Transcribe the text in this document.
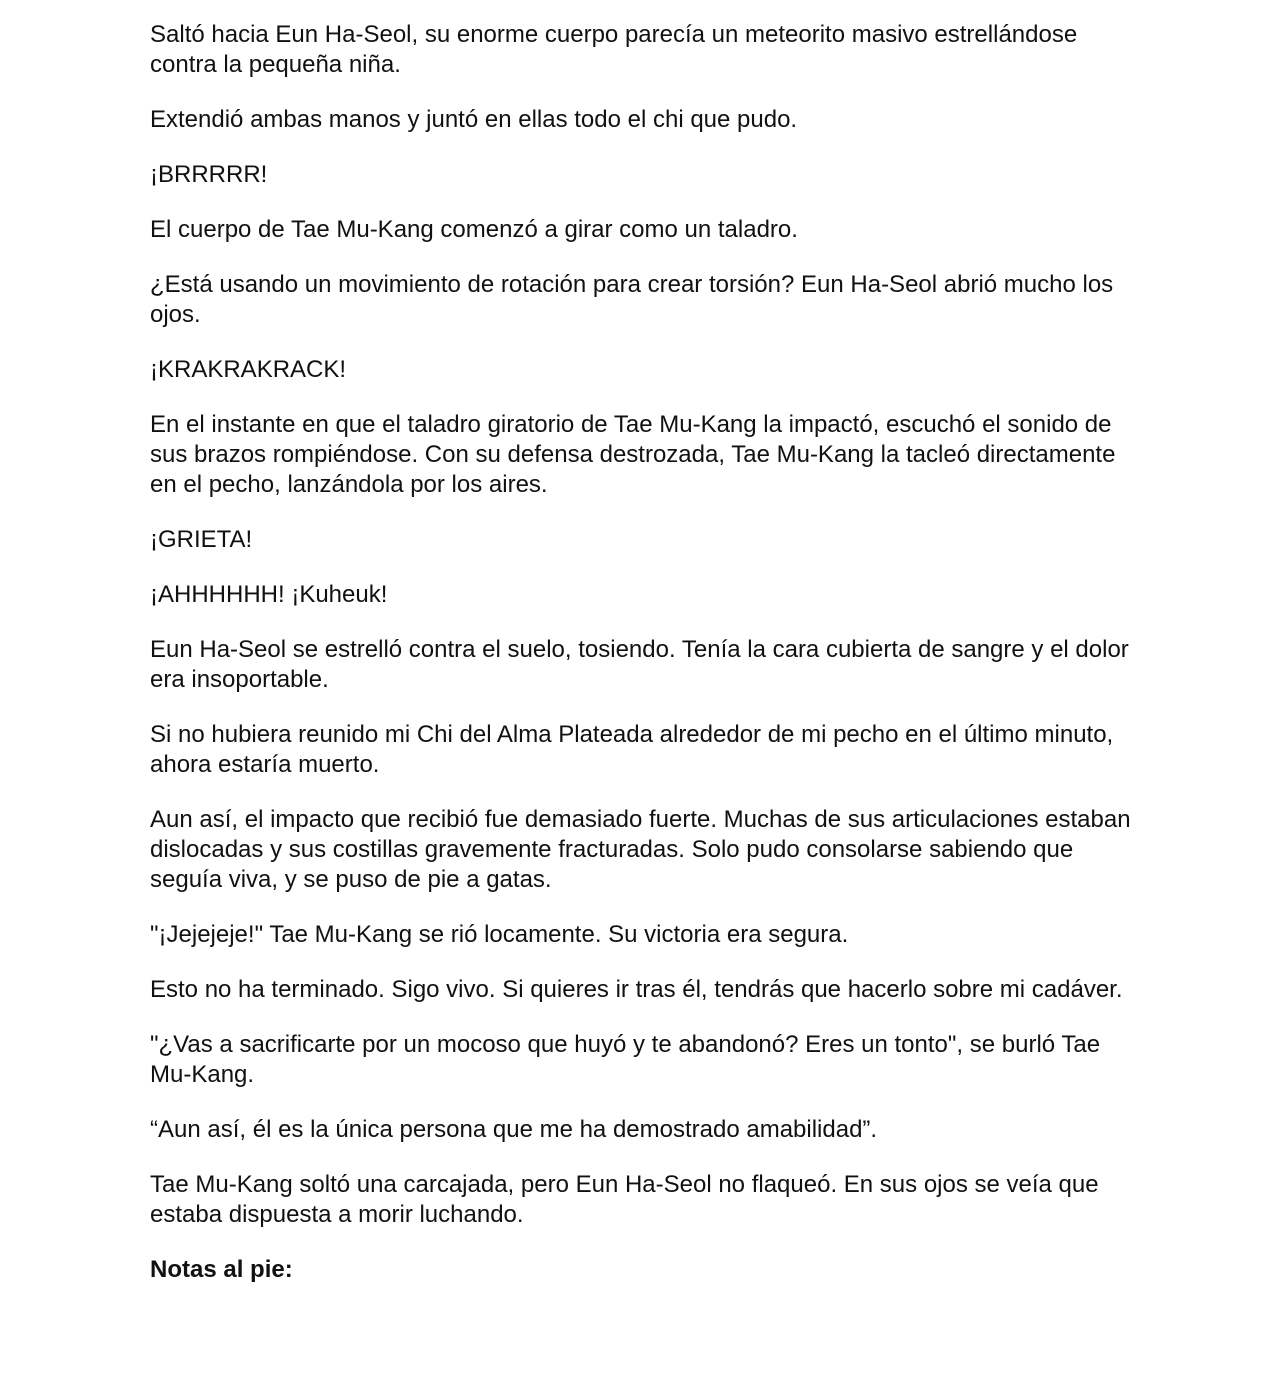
Saltó hacia Eun Ha-Seol, su enorme cuerpo parecía un meteorito masivo estrellándose contra la pequeña niña.

Extendió ambas manos y juntó en ellas todo el chi que pudo.

¡BRRRRR!

El cuerpo de Tae Mu-Kang comenzó a girar como un taladro.

¿Está usando un movimiento de rotación para crear torsión? Eun Ha-Seol abrió mucho los ojos.

¡KRAKRAKRACK!

En el instante en que el taladro giratorio de Tae Mu-Kang la impactó, escuchó el sonido de sus brazos rompiéndose. Con su defensa destrozada, Tae Mu-Kang la tacleó directamente en el pecho, lanzándola por los aires.

¡GRIETA!

¡AHHHHHH! ¡Kuheuk!

Eun Ha-Seol se estrelló contra el suelo, tosiendo. Tenía la cara cubierta de sangre y el dolor era insoportable.

Si no hubiera reunido mi Chi del Alma Plateada alrededor de mi pecho en el último minuto, ahora estaría muerto.

Aun así, el impacto que recibió fue demasiado fuerte. Muchas de sus articulaciones estaban dislocadas y sus costillas gravemente fracturadas. Solo pudo consolarse sabiendo que seguía viva, y se puso de pie a gatas.

"¡Jejejeje!" Tae Mu-Kang se rió locamente. Su victoria era segura.

Esto no ha terminado. Sigo vivo. Si quieres ir tras él, tendrás que hacerlo sobre mi cadáver.

"¿Vas a sacrificarte por un mocoso que huyó y te abandonó? Eres un tonto", se burló Tae Mu-Kang.

“Aun así, él es la única persona que me ha demostrado amabilidad”.

Tae Mu-Kang soltó una carcajada, pero Eun Ha-Seol no flaqueó. En sus ojos se veía que estaba dispuesta a morir luchando.

Notas al pie:
